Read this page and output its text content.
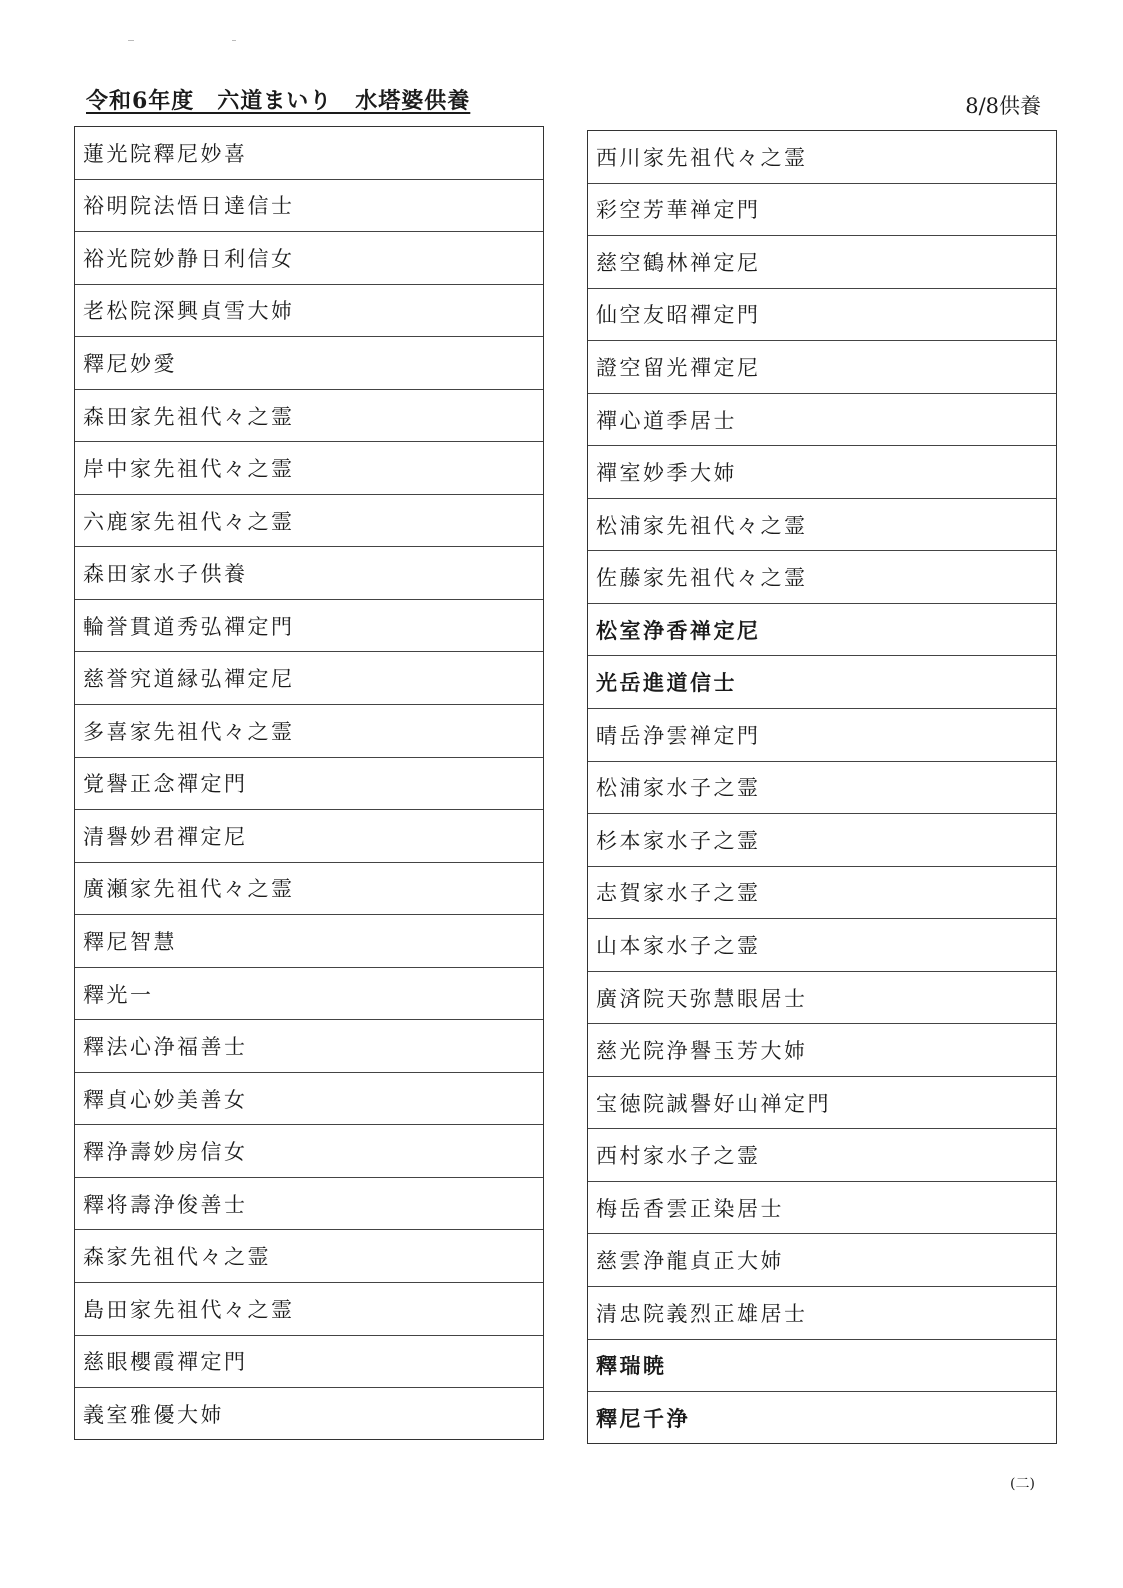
令和6年度　六道まいり　水塔婆供養	8/8供養
蓮光院釋尼妙喜
裕明院法悟日達信士
裕光院妙静日利信女
老松院深興貞雪大姉
釋尼妙愛
森田家先祖代々之霊
岸中家先祖代々之霊
六鹿家先祖代々之霊
森田家水子供養
輪誉貫道秀弘禪定門
慈誉究道縁弘禪定尼
多喜家先祖代々之霊
覚譽正念禪定門
清譽妙君禪定尼
廣瀬家先祖代々之霊
釋尼智慧
釋光一
釋法心浄福善士
釋貞心妙美善女
釋浄壽妙房信女
釋将壽浄俊善士
森家先祖代々之霊
島田家先祖代々之霊
慈眼櫻霞禪定門
義室雅優大姉
西川家先祖代々之霊
彩空芳華禅定門
慈空鶴林禅定尼
仙空友昭禪定門
證空留光禪定尼
禪心道季居士
禪室妙季大姉
松浦家先祖代々之霊
佐藤家先祖代々之霊
松室浄香禅定尼
光岳進道信士
晴岳浄雲禅定門
松浦家水子之霊
杉本家水子之霊
志賀家水子之霊
山本家水子之霊
廣済院天弥慧眼居士
慈光院浄譽玉芳大姉
宝徳院誠譽好山禅定門
西村家水子之霊
梅岳香雲正染居士
慈雲浄龍貞正大姉
清忠院義烈正雄居士
釋瑞暁
釋尼千浄
(二)
